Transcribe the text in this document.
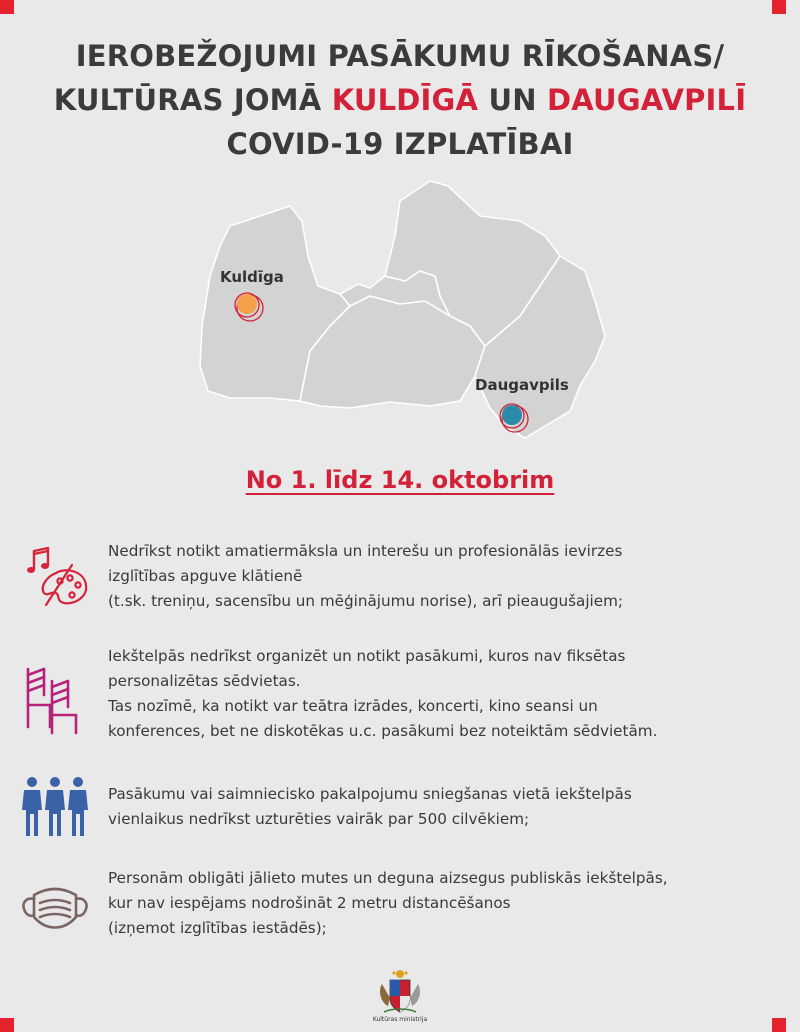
IEROBEŽOJUMI PASĀKUMU RĪKOŠANAS/
KULTŪRAS JOMĀ KULDĪGĀ UN DAUGAVPILĪ
COVID-19 IZPLATĪBAI
Kuldīga
Daugavpils
No 1. līdz 14. oktobrim
Nedrīkst notikt amatiermāksla un interešu un profesionālās ievirzes
izglītības apguve klātienē
(t.sk. treniņu, sacensību un mēģinājumu norise), arī pieaugušajiem;
Iekštelpās nedrīkst organizēt un notikt pasākumi, kuros nav fiksētas
personalizētas sēdvietas.
Tas nozīmē, ka notikt var teātra izrādes, koncerti, kino seansi un
konferences, bet ne diskotēkas u.c. pasākumi bez noteiktām sēdvietām.
Pasākumu vai saimniecisko pakalpojumu sniegšanas vietā iekštelpās
vienlaikus nedrīkst uzturēties vairāk par 500 cilvēkiem;
Personām obligāti jālieto mutes un deguna aizsegus publiskās iekštelpās,
kur nav iespējams nodrošināt 2 metru distancēšanos
(izņemot izglītības iestādēs);
Kultūras ministrija
